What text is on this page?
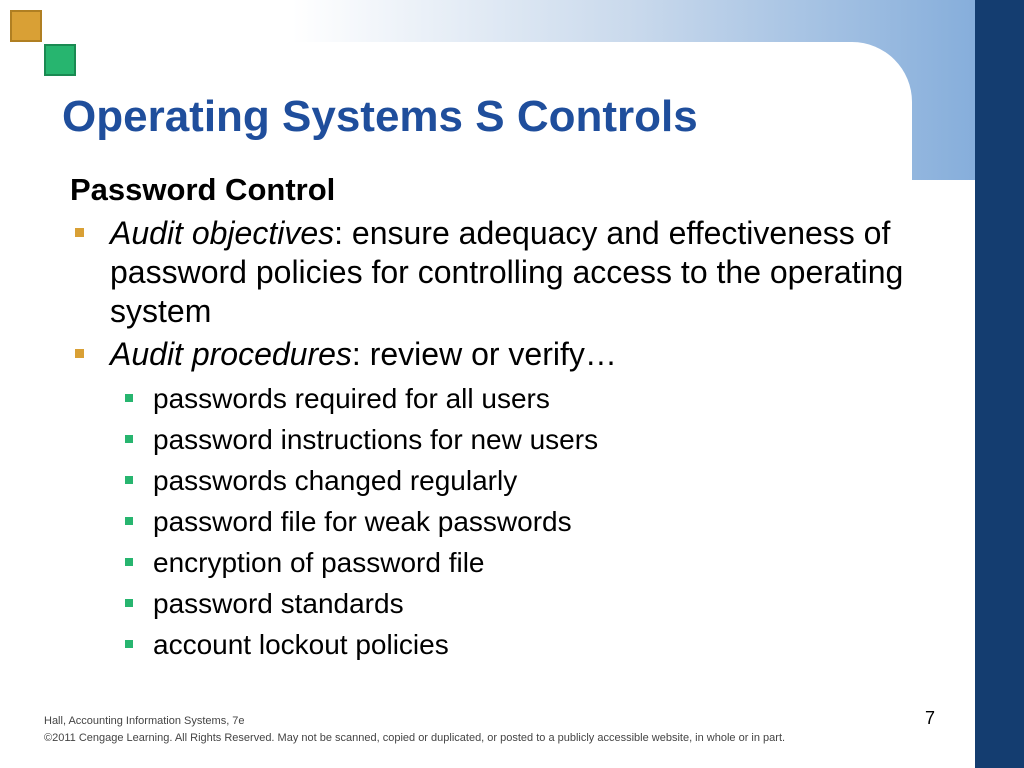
Operating Systems S Controls
Password Control
Audit objectives: ensure adequacy and effectiveness of password policies for controlling access to the operating system
Audit procedures: review or verify…
passwords required for all users
password instructions for new users
passwords changed regularly
password file for weak passwords
encryption of password file
password standards
account lockout policies
Hall, Accounting Information Systems, 7e
©2011 Cengage Learning. All Rights Reserved. May not be scanned, copied or duplicated, or posted to a publicly accessible website, in whole or in part.
7
